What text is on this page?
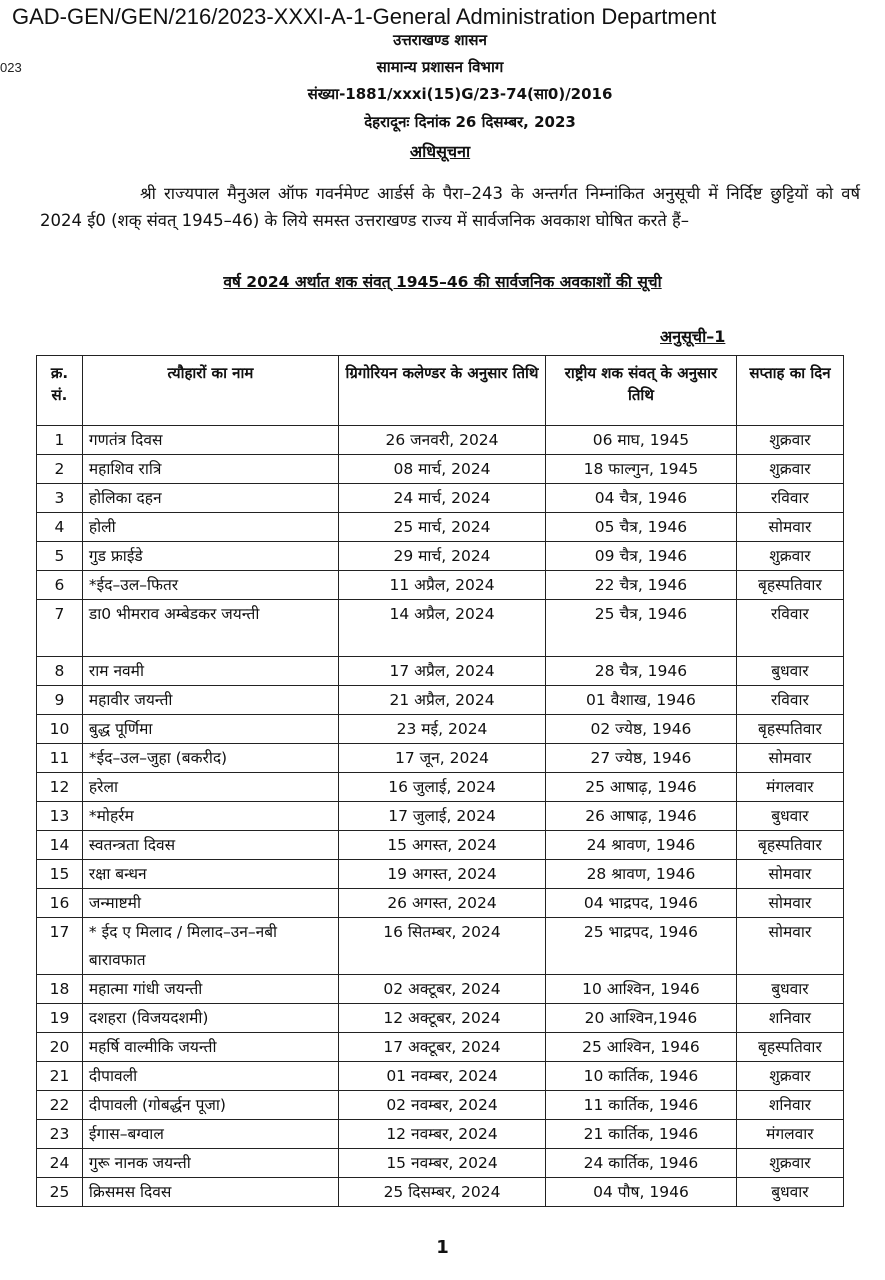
GAD-GEN/GEN/216/2023-XXXI-A-1-General Administration Department
023
उत्तराखण्ड शासन
सामान्य प्रशासन विभाग
संख्या-1881/xxxi(15)G/23-74(सा0)/2016
देहरादूनः दिनांक 26 दिसम्बर, 2023
अधिसूचना
श्री राज्यपाल मैनुअल ऑफ गवर्नमेण्ट आर्डर्स के पैरा–243 के अन्तर्गत निम्नांकित अनुसूची में निर्दिष्ट छुट्टियों को वर्ष 2024 ई0 (शक् संवत् 1945–46) के लिये समस्त उत्तराखण्ड राज्य में सार्वजनिक अवकाश घोषित करते हैं–
वर्ष 2024 अर्थात शक संवत् 1945–46 की सार्वजनिक अवकाशों की सूची
अनुसूची–1
क्र. सं.	त्यौहारों का नाम	ग्रिगोरियन कलेण्डर के अनुसार तिथि	राष्ट्रीय शक संवत् के अनुसार तिथि	सप्ताह का दिन
1	गणतंत्र दिवस	26 जनवरी, 2024	06 माघ, 1945	शुक्रवार
2	महाशिव रात्रि	08 मार्च, 2024	18 फाल्गुन, 1945	शुक्रवार
3	होलिका दहन	24 मार्च, 2024	04 चैत्र, 1946	रविवार
4	होली	25 मार्च, 2024	05 चैत्र, 1946	सोमवार
5	गुड फ्राईडे	29 मार्च, 2024	09 चैत्र, 1946	शुक्रवार
6	*ईद–उल–फितर	11 अप्रैल, 2024	22 चैत्र, 1946	बृहस्पतिवार
7	डा0 भीमराव अम्बेडकर जयन्ती	14 अप्रैल, 2024	25 चैत्र, 1946	रविवार
8	राम नवमी	17 अप्रैल, 2024	28 चैत्र, 1946	बुधवार
9	महावीर जयन्ती	21 अप्रैल, 2024	01 वैशाख, 1946	रविवार
10	बुद्ध पूर्णिमा	23 मई, 2024	02 ज्येष्ठ, 1946	बृहस्पतिवार
11	*ईद–उल–जुहा (बकरीद)	17 जून, 2024	27 ज्येष्ठ, 1946	सोमवार
12	हरेला	16 जुलाई, 2024	25 आषाढ़, 1946	मंगलवार
13	*मोहर्रम	17 जुलाई, 2024	26 आषाढ़, 1946	बुधवार
14	स्वतन्त्रता दिवस	15 अगस्त, 2024	24 श्रावण, 1946	बृहस्पतिवार
15	रक्षा बन्धन	19 अगस्त, 2024	28 श्रावण, 1946	सोमवार
16	जन्माष्टमी	26 अगस्त, 2024	04 भाद्रपद, 1946	सोमवार
17	* ईद ए मिलाद / मिलाद–उन–नबी बारावफात	16 सितम्बर, 2024	25 भाद्रपद, 1946	सोमवार
18	महात्मा गांधी जयन्ती	02 अक्टूबर, 2024	10 आश्विन, 1946	बुधवार
19	दशहरा (विजयदशमी)	12 अक्टूबर, 2024	20 आश्विन,1946	शनिवार
20	महर्षि वाल्मीकि जयन्ती	17 अक्टूबर, 2024	25 आश्विन, 1946	बृहस्पतिवार
21	दीपावली	01 नवम्बर, 2024	10 कार्तिक, 1946	शुक्रवार
22	दीपावली (गोबर्द्धन पूजा)	02 नवम्बर, 2024	11 कार्तिक, 1946	शनिवार
23	ईगास–बग्वाल	12 नवम्बर, 2024	21 कार्तिक, 1946	मंगलवार
24	गुरू नानक जयन्ती	15 नवम्बर, 2024	24 कार्तिक, 1946	शुक्रवार
25	क्रिसमस दिवस	25 दिसम्बर, 2024	04 पौष, 1946	बुधवार
1
